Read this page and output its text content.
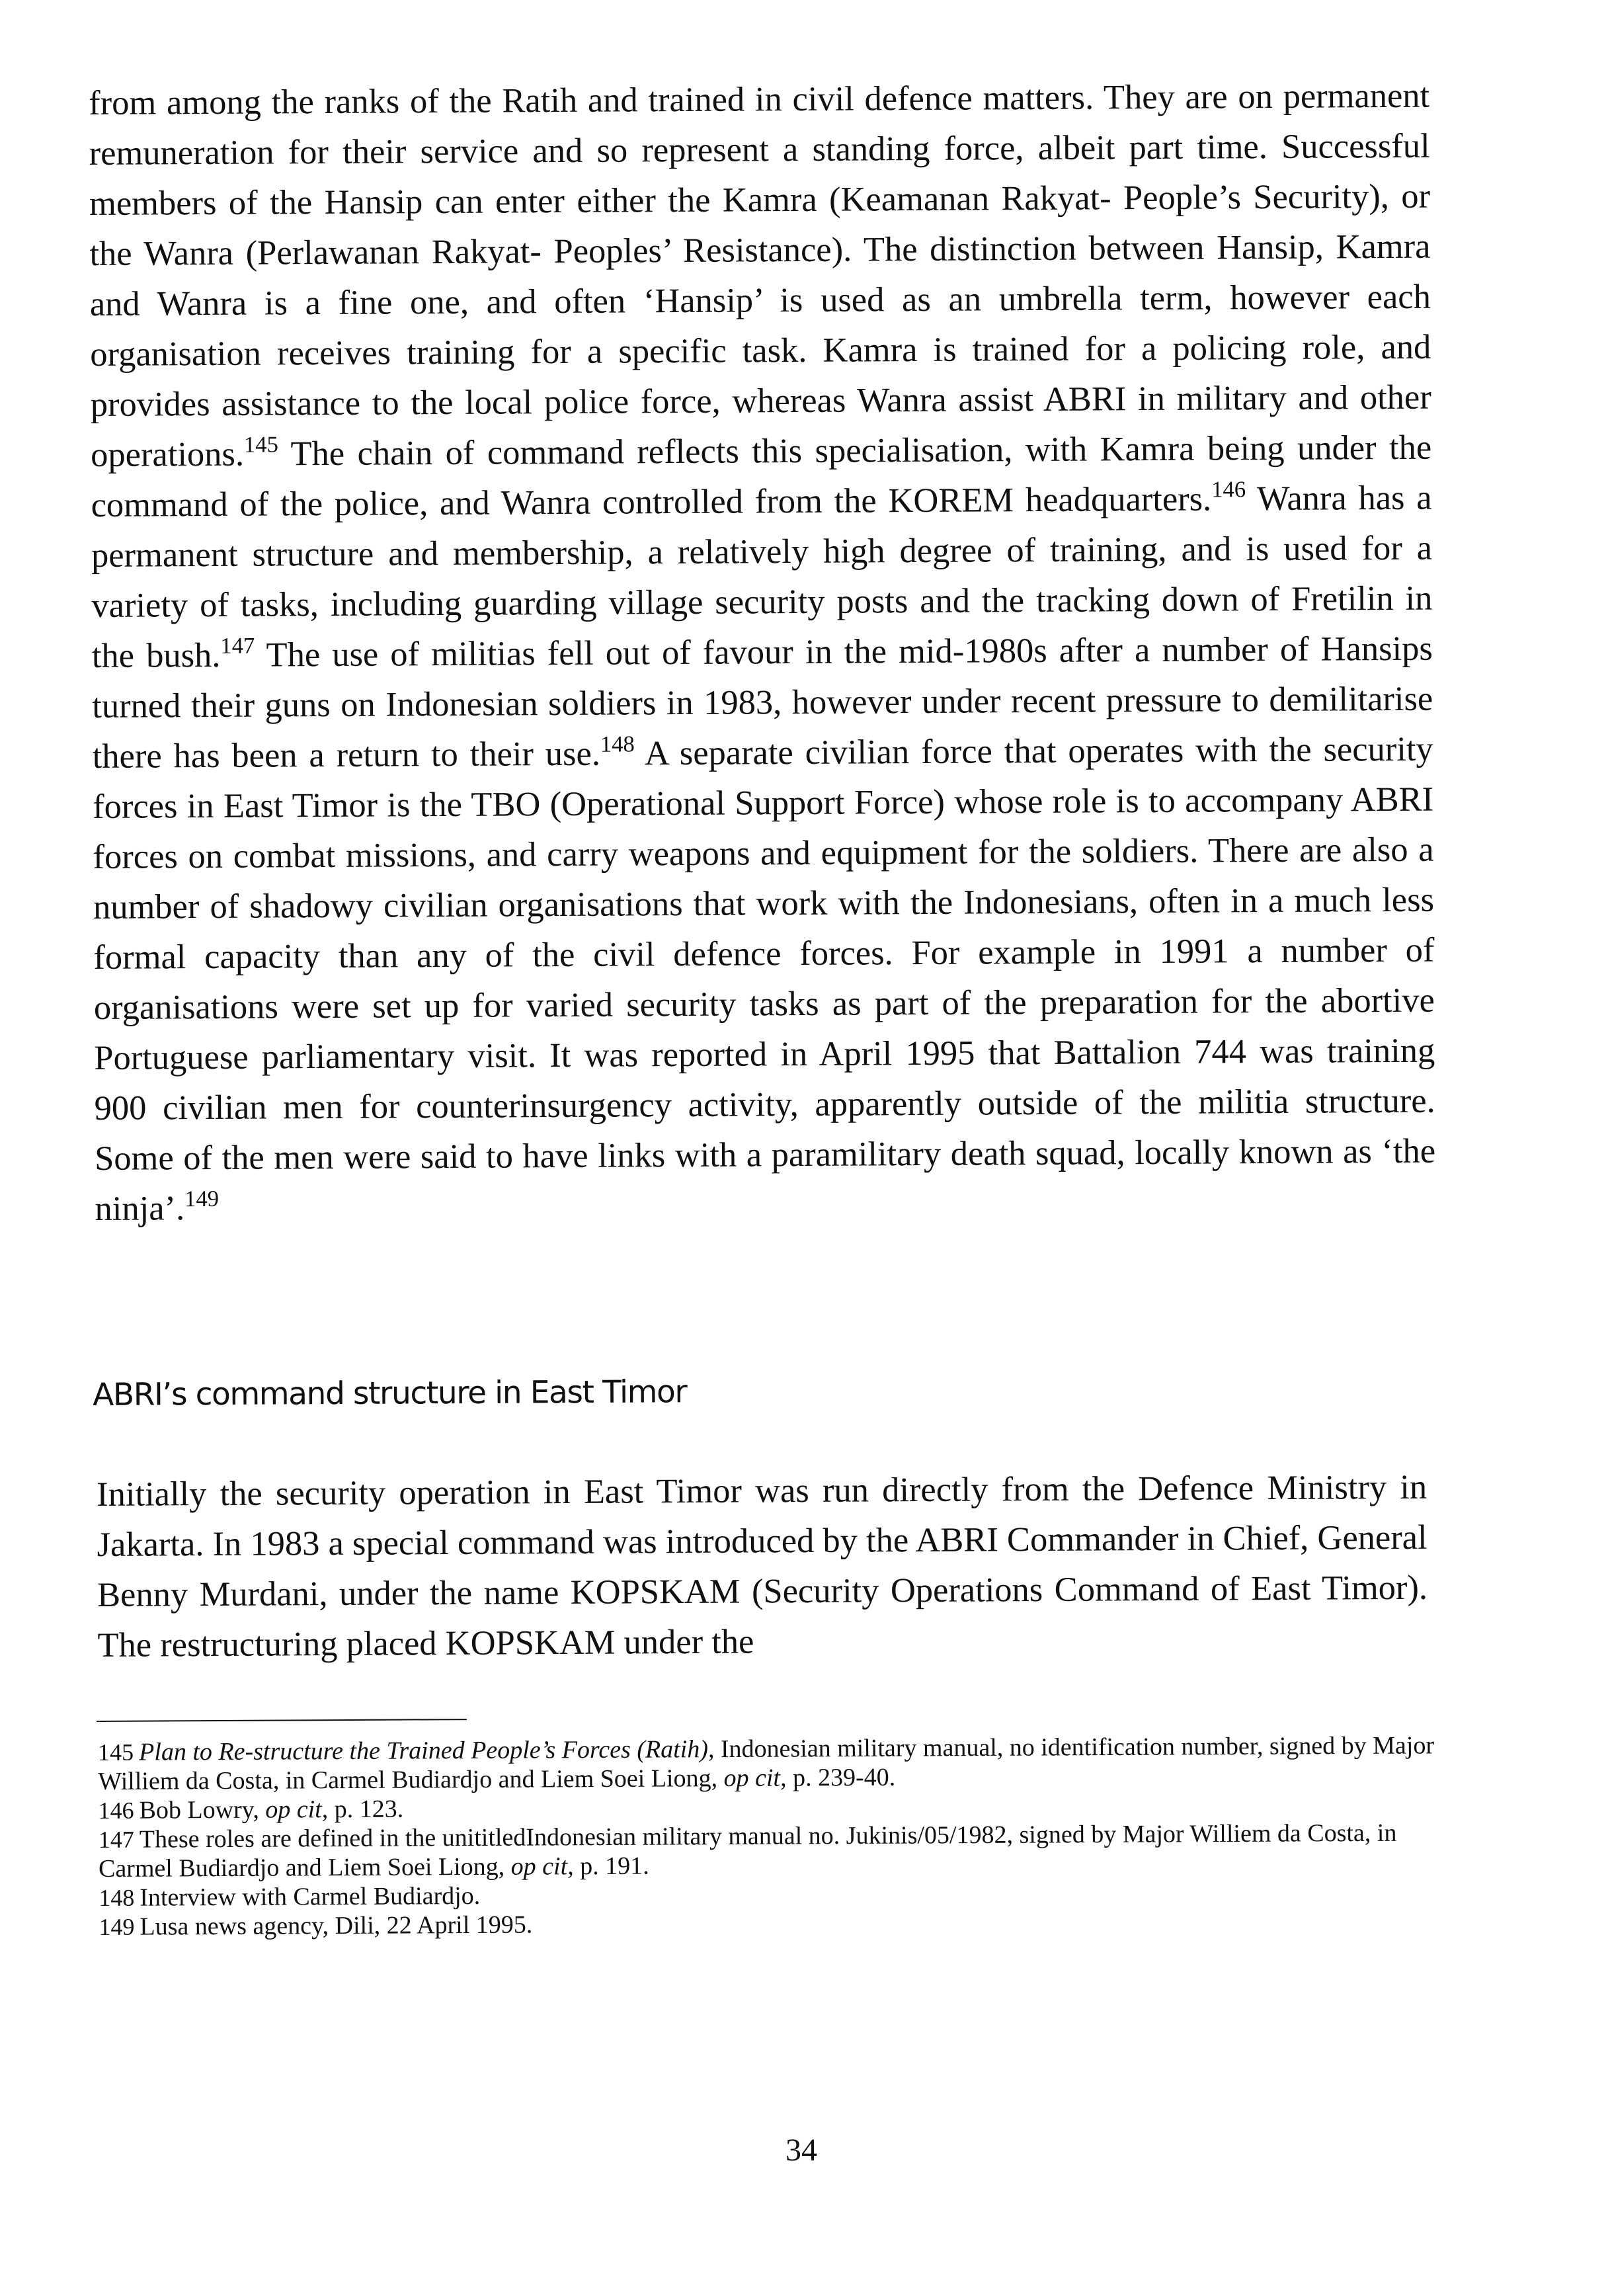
from among the ranks of the Ratih and trained in civil defence matters. They are on permanent remuneration for their service and so represent a standing force, albeit part time. Successful members of the Hansip can enter either the Kamra (Keamanan Rakyat- People’s Security), or the Wanra (Perlawanan Rakyat- Peoples’ Resistance). The distinction between Hansip, Kamra and Wanra is a fine one, and often ‘Hansip’ is used as an umbrella term, however each organisation receives training for a specific task. Kamra is trained for a policing role, and provides assistance to the local police force, whereas Wanra assist ABRI in military and other operations.$^{145}$ The chain of command reflects this specialisation, with Kamra being under the command of the police, and Wanra controlled from the KOREM headquarters.$^{146}$ Wanra has a permanent structure and membership, a relatively high degree of training, and is used for a variety of tasks, including guarding village security posts and the tracking down of Fretilin in the bush.$^{147}$ The use of militias fell out of favour in the mid-1980s after a number of Hansips turned their guns on Indonesian soldiers in 1983, however under recent pressure to demilitarise there has been a return to their use.$^{148}$ A separate civilian force that operates with the security forces in East Timor is the TBO (Operational Support Force) whose role is to accompany ABRI forces on combat missions, and carry weapons and equipment for the soldiers. There are also a number of shadowy civilian organisations that work with the Indonesians, often in a much less formal capacity than any of the civil defence forces. For example in 1991 a number of organisations were set up for varied security tasks as part of the preparation for the abortive Portuguese parliamentary visit. It was reported in April 1995 that Battalion 744 was training 900 civilian men for counterinsurgency activity, apparently outside of the militia structure. Some of the men were said to have links with a paramilitary death squad, locally known as ‘the ninja’.$^{149}$

ABRI’s command structure in East Timor

Initially the security operation in East Timor was run directly from the Defence Ministry in Jakarta. In 1983 a special command was introduced by the ABRI Commander in Chief, General Benny Murdani, under the name KOPSKAM (Security Operations Command of East Timor). The restructuring placed KOPSKAM under the

145 Plan to Re-structure the Trained People’s Forces (Ratih), Indonesian military manual, no identification number, signed by Major Williem da Costa, in Carmel Budiardjo and Liem Soei Liong, op cit, p. 239-40.

146 Bob Lowry, op cit, p. 123.

147 These roles are defined in the unititledIndonesian military manual no. Jukinis/05/1982, signed by Major Williem da Costa, in Carmel Budiardjo and Liem Soei Liong, op cit, p. 191.

148 Interview with Carmel Budiardjo.

149 Lusa news agency, Dili, 22 April 1995.

34
